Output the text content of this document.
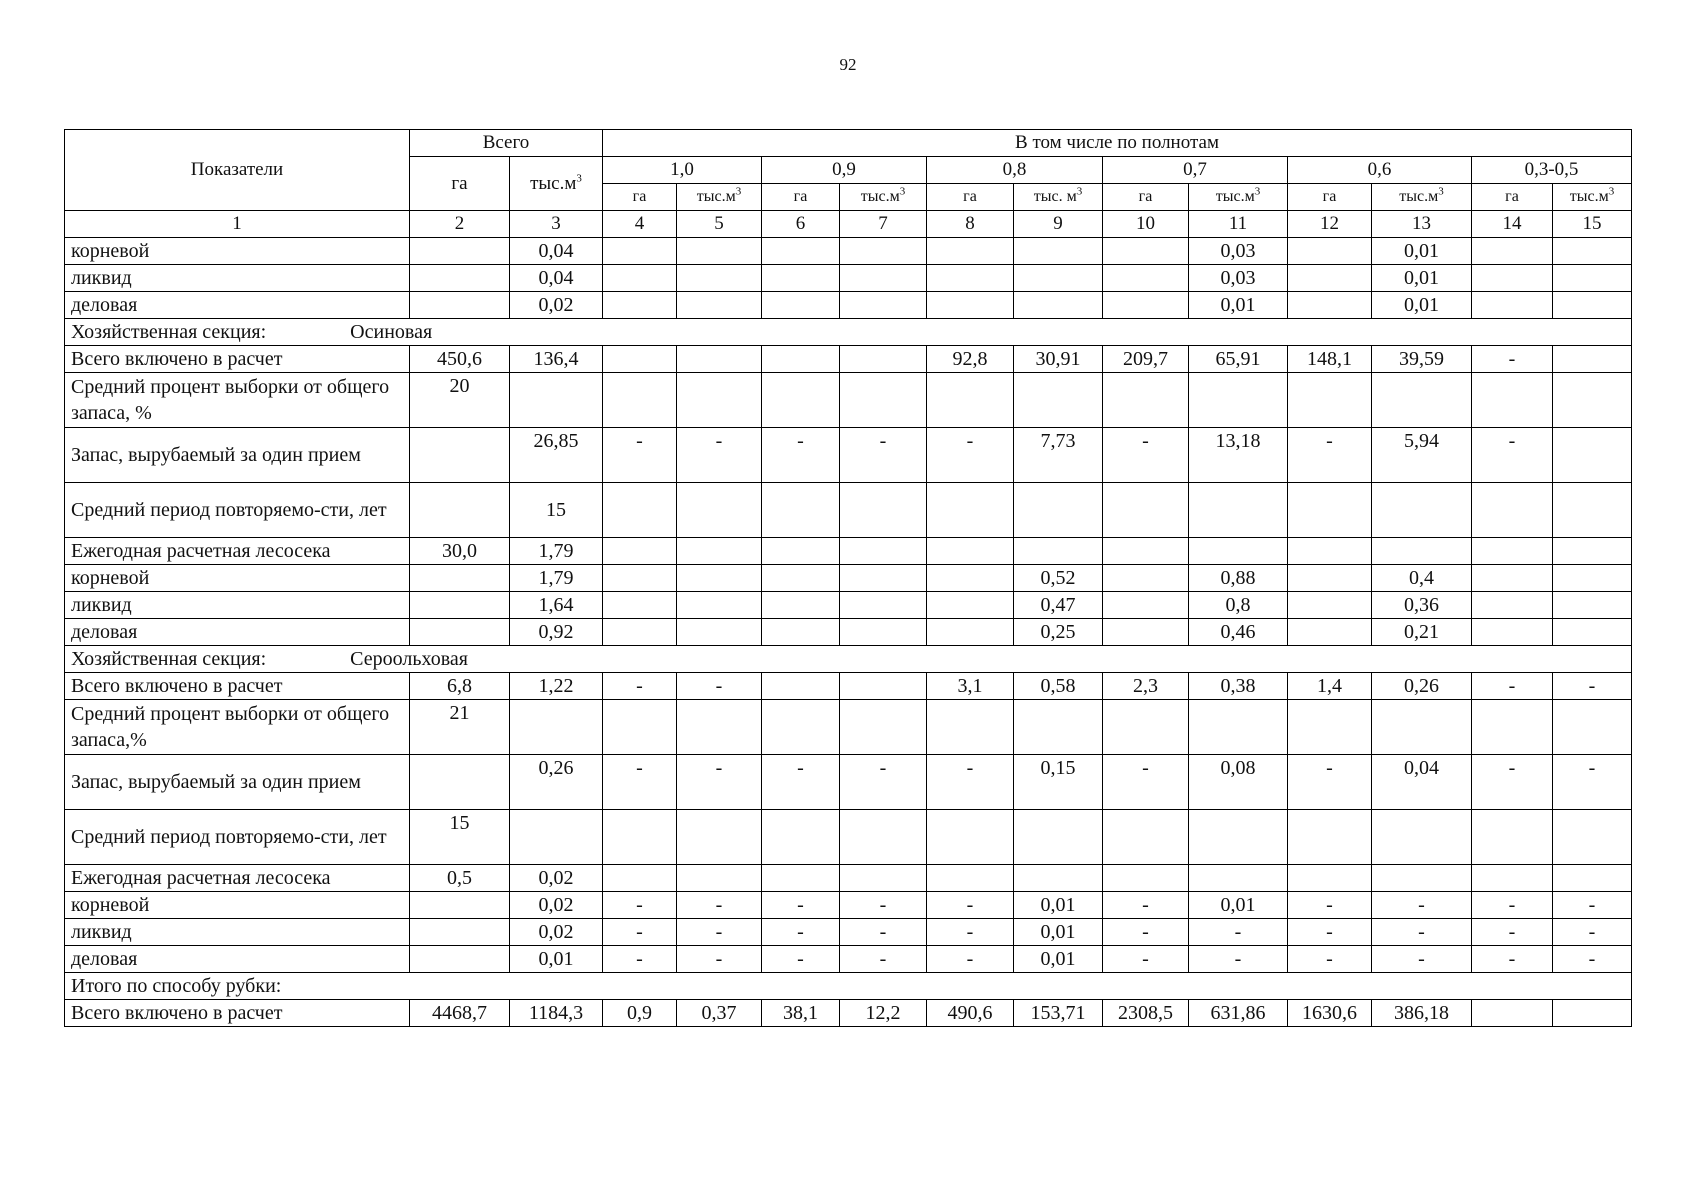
92
Показатели	Всего		В том числе по полнотам											
	га	$тыс.м^3$	1,0		0,9		0,8		0,7		0,6		0,3-0,5	
			га	$тыс.м^3$	га	$тыс.м^3$	га	тыс. $м^3$	га	$тыс.м^3$	га	$тыс.м^3$	га	$тыс.м^3$
1	2	3	4	5	6	7	8	9	10	11	12	13	14	15
корневой		0,04								0,03		0,01		
ликвид		0,04								0,03		0,01		
деловая		0,02								0,01		0,01		
Хозяйственная секция: Осиновая														
Всего включено в расчет	450,6	136,4					92,8	30,91	209,7	65,91	148,1	39,59	-	
Средний процент выборки от общего запаса, %	20													
Запас, вырубаемый за один прием		26,85	-	-	-	-	-	7,73	-	13,18	-	5,94	-	
Средний период повторяемо-сти, лет		15												
Ежегодная расчетная лесосека	30,0	1,79												
корневой		1,79						0,52		0,88		0,4		
ликвид		1,64						0,47		0,8		0,36		
деловая		0,92						0,25		0,46		0,21		
Хозяйственная секция: Сероольховая														
Всего включено в расчет	6,8	1,22	-	-			3,1	0,58	2,3	0,38	1,4	0,26	-	-
Средний процент выборки от общего запаса,%	21													
Запас, вырубаемый за один прием		0,26	-	-	-	-	-	0,15	-	0,08	-	0,04	-	-
Средний период повторяемо-сти, лет	15													
Ежегодная расчетная лесосека	0,5	0,02												
корневой		0,02	-	-	-	-	-	0,01	-	0,01	-	-	-	-
ликвид		0,02	-	-	-	-	-	0,01	-	-	-	-	-	-
деловая		0,01	-	-	-	-	-	0,01	-	-	-	-	-	-
Итого по способу рубки:														
Всего включено в расчет	4468,7	1184,3	0,9	0,37	38,1	12,2	490,6	153,71	2308,5	631,86	1630,6	386,18		
